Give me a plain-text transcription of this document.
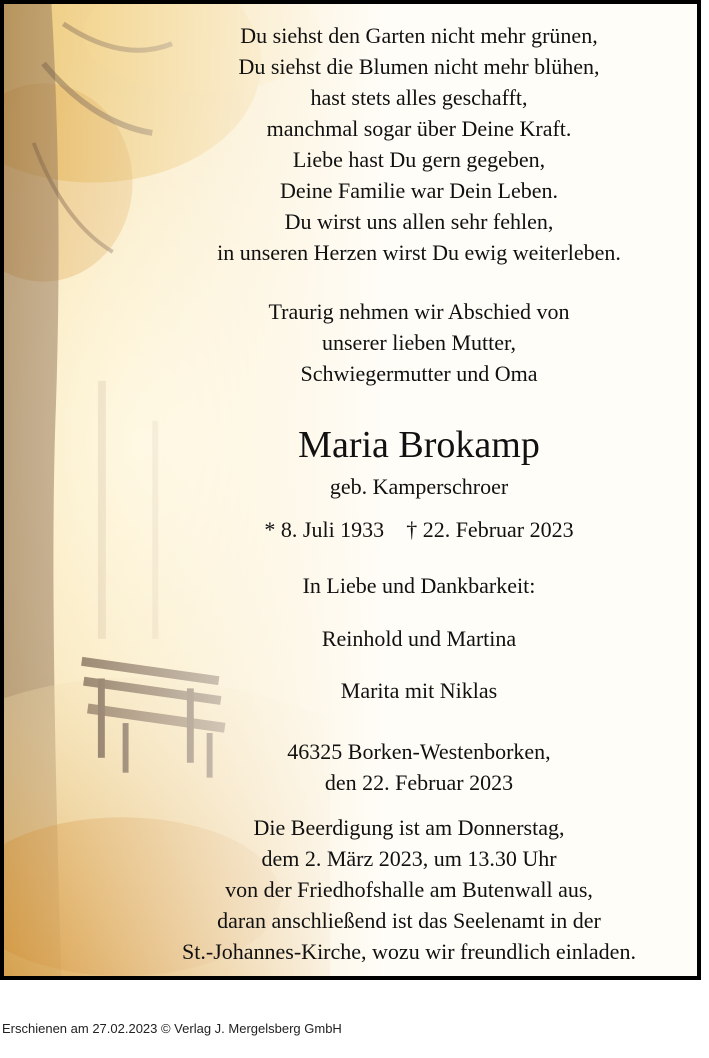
Du siehst den Garten nicht mehr grünen,
Du siehst die Blumen nicht mehr blühen,
hast stets alles geschafft,
manchmal sogar über Deine Kraft.
Liebe hast Du gern gegeben,
Deine Familie war Dein Leben.
Du wirst uns allen sehr fehlen,
in unseren Herzen wirst Du ewig weiterleben.
Traurig nehmen wir Abschied von
unserer lieben Mutter,
Schwiegermutter und Oma
Maria Brokamp
geb. Kamperschroer
* 8. Juli 1933 † 22. Februar 2023
In Liebe und Dankbarkeit:
Reinhold und Martina
Marita mit Niklas
46325 Borken-Westenborken,
den 22. Februar 2023
Die Beerdigung ist am Donnerstag,
dem 2. März 2023, um 13.30 Uhr
von der Friedhofshalle am Butenwall aus,
daran anschließend ist das Seelenamt in der
St.-Johannes-Kirche, wozu wir freundlich einladen.
Erschienen am 27.02.2023 © Verlag J. Mergelsberg GmbH
